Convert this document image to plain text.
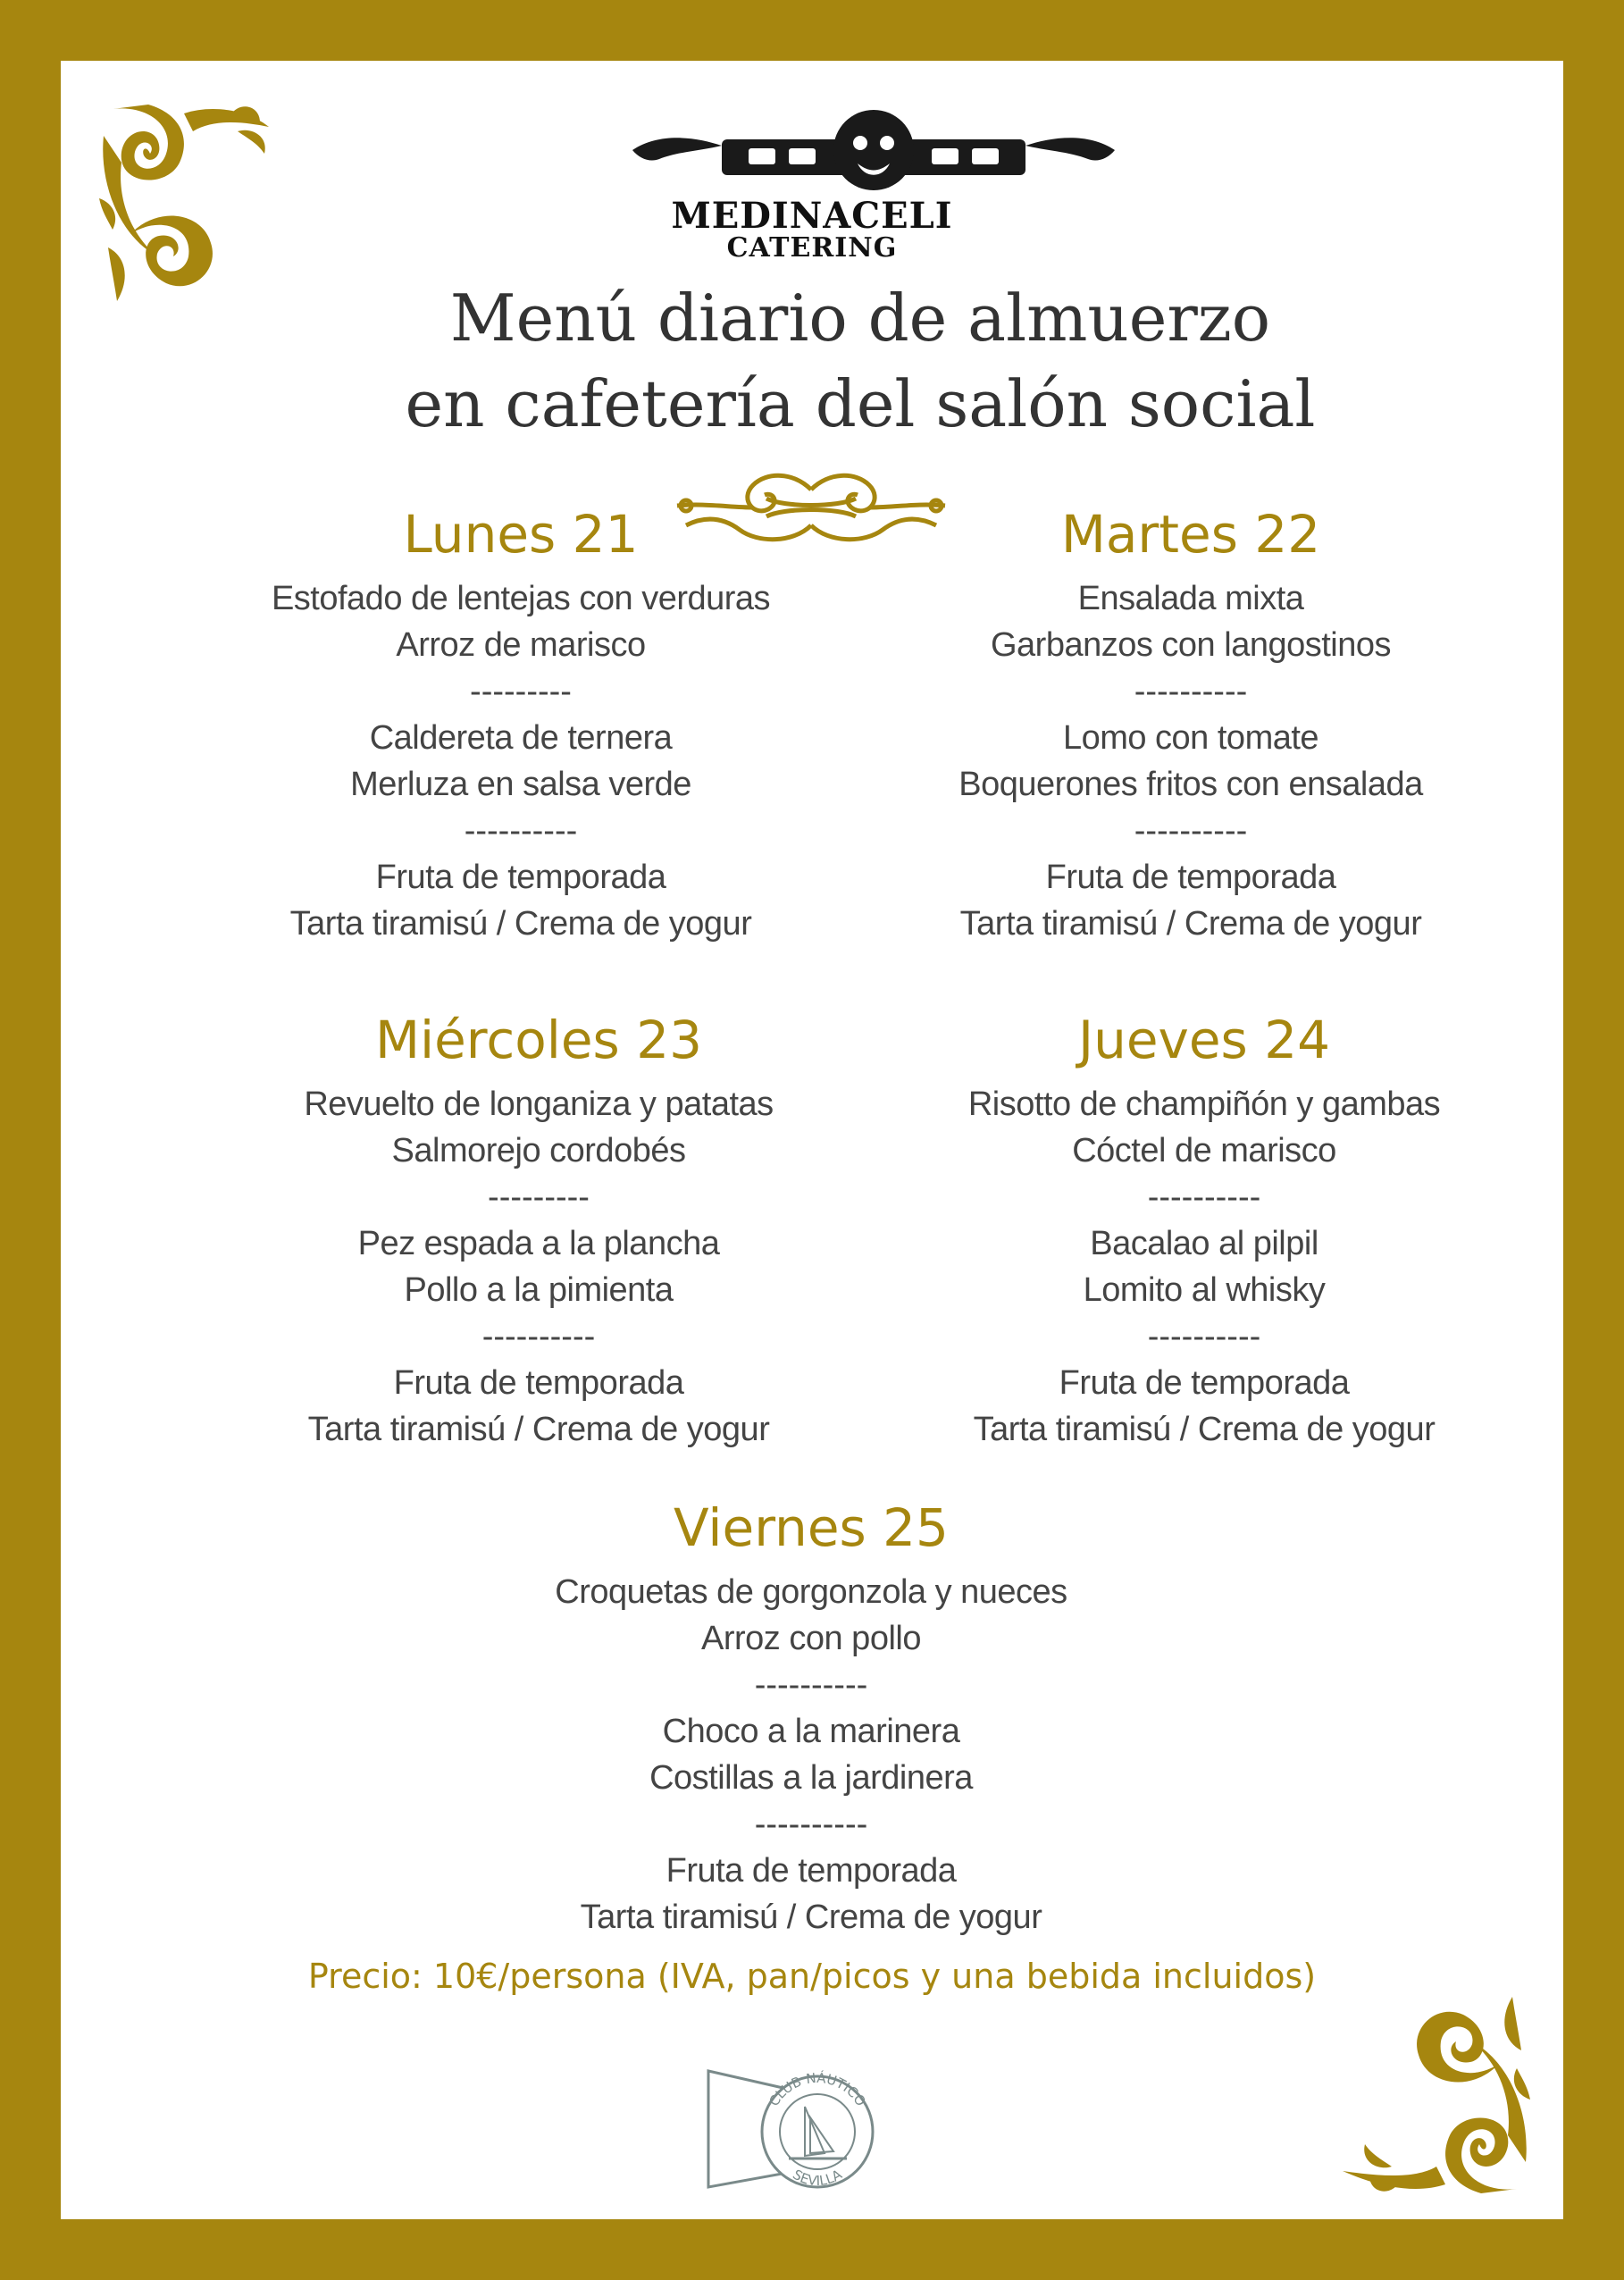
MEDINACELI
CATERING
Menú diario de almuerzo
en cafetería del salón social
Lunes 21
Estofado de lentejas con verduras
Arroz de marisco
---------
Caldereta de ternera
Merluza en salsa verde
----------
Fruta de temporada
Tarta tiramisú / Crema de yogur
Martes 22
Ensalada mixta
Garbanzos con langostinos
----------
Lomo con tomate
Boquerones fritos con ensalada
----------
Fruta de temporada
Tarta tiramisú / Crema de yogur
Miércoles 23
Revuelto de longaniza y patatas
Salmorejo cordobés
---------
Pez espada a la plancha
Pollo a la pimienta
----------
Fruta de temporada
Tarta tiramisú / Crema de yogur
Jueves 24
Risotto de champiñón y gambas
Cóctel de marisco
----------
Bacalao al pilpil
Lomito al whisky
----------
Fruta de temporada
Tarta tiramisú / Crema de yogur
Viernes 25
Croquetas de gorgonzola y nueces
Arroz con pollo
----------
Choco a la marinera
Costillas a la jardinera
----------
Fruta de temporada
Tarta tiramisú / Crema de yogur
Precio: 10€/persona (IVA, pan/picos y una bebida incluidos)
CLUB NÁUTICO
SEVILLA
